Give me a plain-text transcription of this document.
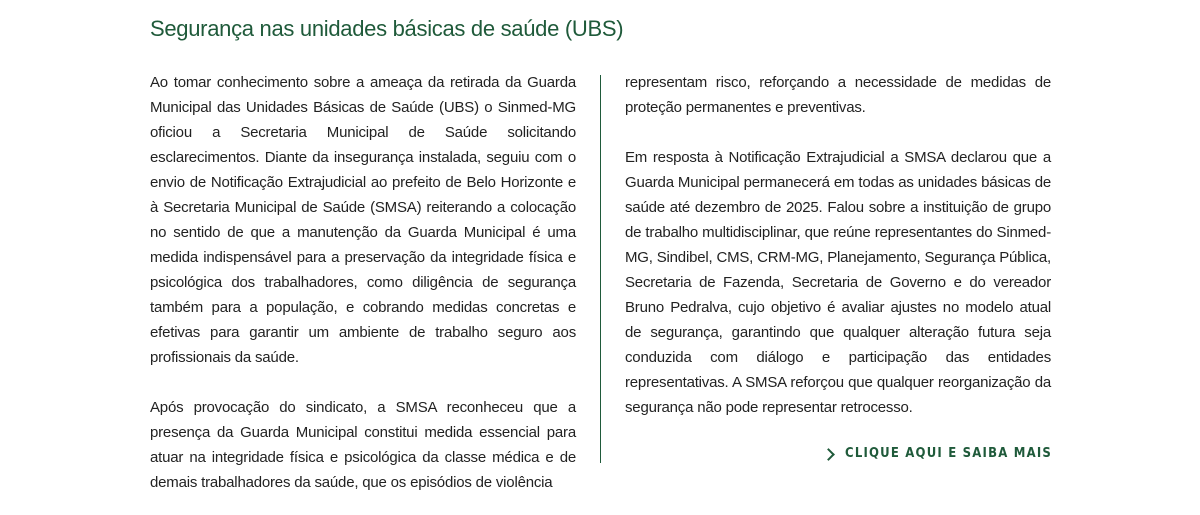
Segurança nas unidades básicas de saúde (UBS)

Ao tomar conhecimento sobre a ameaça da retirada da Guarda Municipal das Unidades Básicas de Saúde (UBS) o Sinmed-MG oficiou a Secretaria Municipal de Saúde solicitando esclarecimentos. Diante da insegurança instalada, seguiu com o envio de Notificação Extrajudicial ao prefeito de Belo Horizonte e à Secretaria Municipal de Saúde (SMSA) reiterando a colocação no sentido de que a manutenção da Guarda Municipal é uma medida indispensável para a preservação da integridade física e psicológica dos trabalhadores, como diligência de segurança também para a população, e cobrando medidas concretas e efetivas para garantir um ambiente de trabalho seguro aos profissionais da saúde.

Após provocação do sindicato, a SMSA reconheceu que a presença da Guarda Municipal constitui medida essencial para atuar na integridade física e psicológica da classe médica e de demais trabalhadores da saúde, que os episódios de violência

representam risco, reforçando a necessidade de medidas de proteção permanentes e preventivas.

Em resposta à Notificação Extrajudicial a SMSA declarou que a Guarda Municipal permanecerá em todas as unidades básicas de saúde até dezembro de 2025. Falou sobre a instituição de grupo de trabalho multidisciplinar, que reúne representantes do Sinmed-MG, Sindibel, CMS, CRM-MG, Planejamento, Segurança Pública, Secretaria de Fazenda, Secretaria de Governo e do vereador Bruno Pedralva, cujo objetivo é avaliar ajustes no modelo atual de segurança, garantindo que qualquer alteração futura seja conduzida com diálogo e participação das entidades representativas. A SMSA reforçou que qualquer reorganização da segurança não pode representar retrocesso.

CLIQUE AQUI E SAIBA MAIS
